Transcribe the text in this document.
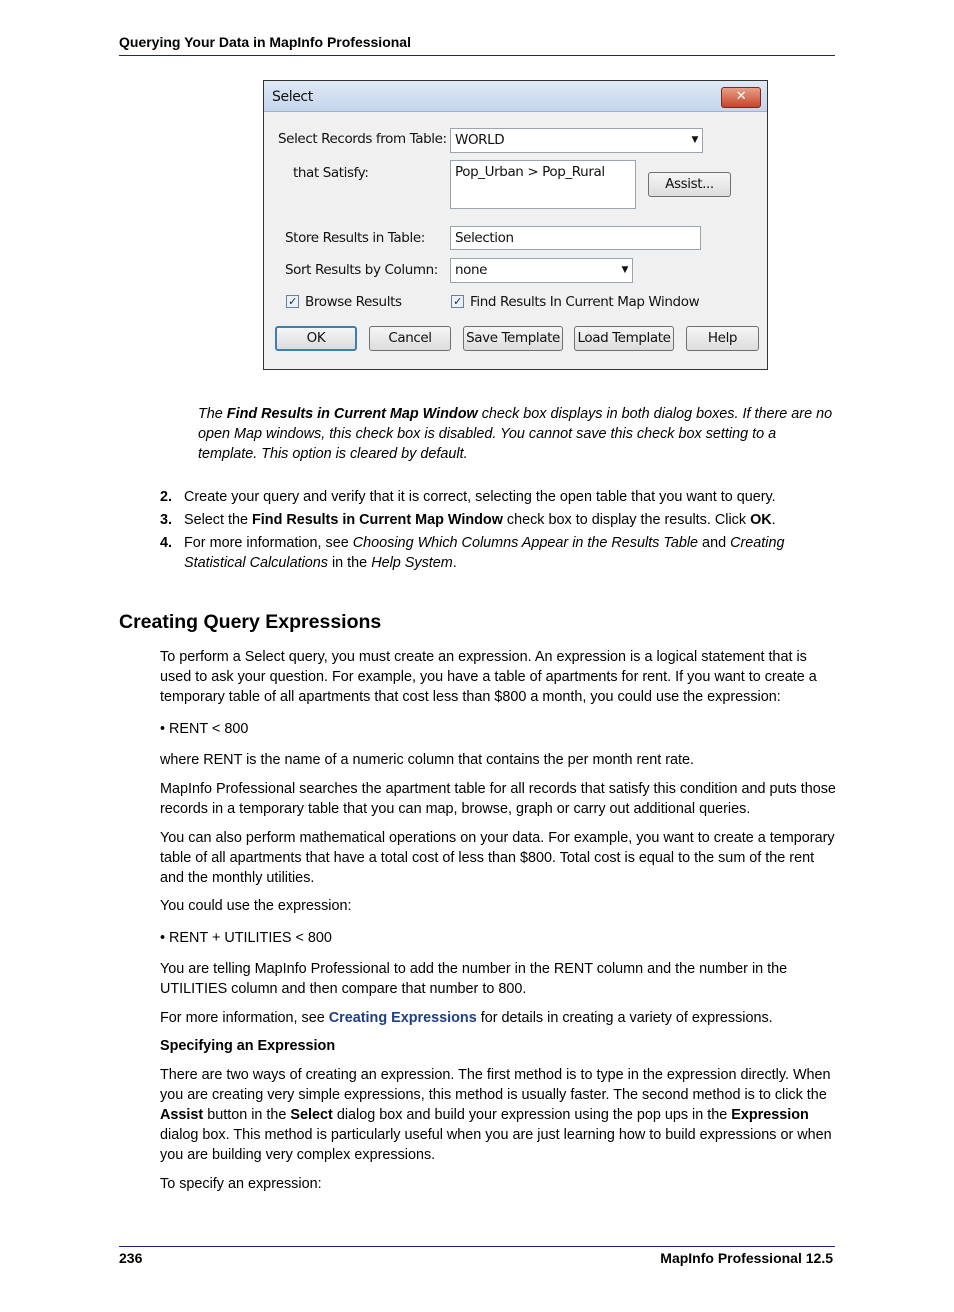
Querying Your Data in MapInfo Professional
Select	✕
Select Records from Table: WORLD	▼
that Satisfy:	Pop_Urban > Pop_Rural
Assist...
Store Results in Table:	Selection
Sort Results by Column:	none	▼
✓ Browse Results	✓ Find Results In Current Map Window
OK	Cancel	Save Template Load Template	Help
The Find Results in Current Map Window check box displays in both dialog boxes. If there are no open Map windows, this check box is disabled. You cannot save this check box setting to a template. This option is cleared by default.
2. Create your query and verify that it is correct, selecting the open table that you want to query.
3. Select the Find Results in Current Map Window check box to display the results. Click OK.
4. For more information, see Choosing Which Columns Appear in the Results Table and Creating Statistical Calculations in the Help System.
Creating Query Expressions

To perform a Select query, you must create an expression. An expression is a logical statement that is used to ask your question. For example, you have a table of apartments for rent. If you want to create a temporary table of all apartments that cost less than $800 a month, you could use the expression:

• RENT < 800

where RENT is the name of a numeric column that contains the per month rent rate.

MapInfo Professional searches the apartment table for all records that satisfy this condition and puts those records in a temporary table that you can map, browse, graph or carry out additional queries.

You can also perform mathematical operations on your data. For example, you want to create a temporary table of all apartments that have a total cost of less than $800. Total cost is equal to the sum of the rent and the monthly utilities.

You could use the expression:

• RENT + UTILITIES < 800

You are telling MapInfo Professional to add the number in the RENT column and the number in the UTILITIES column and then compare that number to 800.

For more information, see Creating Expressions for details in creating a variety of expressions.

Specifying an Expression

There are two ways of creating an expression. The first method is to type in the expression directly. When you are creating very simple expressions, this method is usually faster. The second method is to click the Assist button in the Select dialog box and build your expression using the pop ups in the Expression dialog box. This method is particularly useful when you are just learning how to build expressions or when you are building very complex expressions.

To specify an expression:

236	MapInfo Professional 12.5
